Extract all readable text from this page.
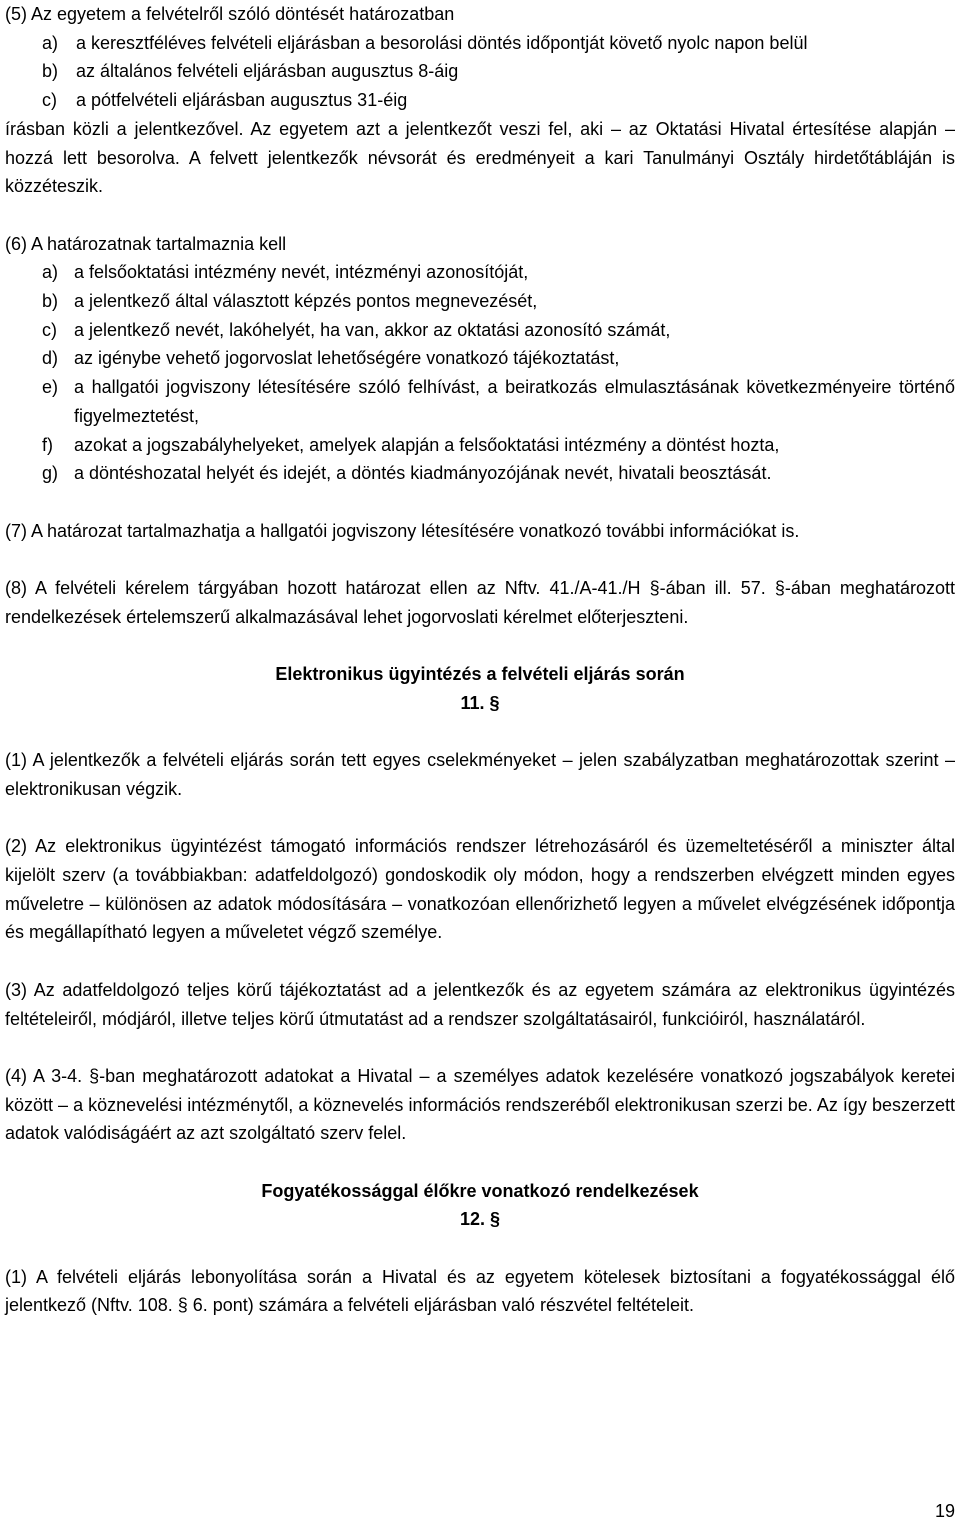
(5) Az egyetem a felvételről szóló döntését határozatban

a) a keresztféléves felvételi eljárásban a besorolási döntés időpontját követő nyolc napon belül
b) az általános felvételi eljárásban augusztus 8-áig
c)	a pótfelvételi eljárásban augusztus 31-éig

írásban közli a jelentkezővel. Az egyetem azt a jelentkezőt veszi fel, aki – az Oktatási Hivatal értesítése alapján – hozzá lett besorolva. A felvett jelentkezők névsorát és eredményeit a kari Tanulmányi Osztály hirdetőtábláján is közzéteszik.

(6) A határozatnak tartalmaznia kell

a) a felsőoktatási intézmény nevét, intézményi azonosítóját,
b) a jelentkező által választott képzés pontos megnevezését,
c) a jelentkező nevét, lakóhelyét, ha van, akkor az oktatási azonosító számát,
d) az igénybe vehető jogorvoslat lehetőségére vonatkozó tájékoztatást,
e) a hallgatói jogviszony létesítésére szóló felhívást, a beiratkozás elmulasztásának következményeire történő figyelmeztetést,
f)	azokat a jogszabályhelyeket, amelyek alapján a felsőoktatási intézmény a döntést hozta,
g) a döntéshozatal helyét és idejét, a döntés kiadmányozójának nevét, hivatali beosztását.

(7) A határozat tartalmazhatja a hallgatói jogviszony létesítésére vonatkozó további információkat is.

(8) A felvételi kérelem tárgyában hozott határozat ellen az Nftv. 41./A-41./H §-ában ill. 57. §-ában meghatározott rendelkezések értelemszerű alkalmazásával lehet jogorvoslati kérelmet előterjeszteni.

Elektronikus ügyintézés a felvételi eljárás során

11. §

(1) A jelentkezők a felvételi eljárás során tett egyes cselekményeket – jelen szabályzatban meghatározottak szerint – elektronikusan végzik.

(2) Az elektronikus ügyintézést támogató információs rendszer létrehozásáról és üzemeltetéséről a miniszter által kijelölt szerv (a továbbiakban: adatfeldolgozó) gondoskodik oly módon, hogy a rendszerben elvégzett minden egyes műveletre – különösen az adatok módosítására – vonatkozóan ellenőrizhető legyen a művelet elvégzésének időpontja és megállapítható legyen a műveletet végző személye.

(3) Az adatfeldolgozó teljes körű tájékoztatást ad a jelentkezők és az egyetem számára az elektronikus ügyintézés feltételeiről, módjáról, illetve teljes körű útmutatást ad a rendszer szolgáltatásairól, funkcióiról, használatáról.

(4) A 3-4. §-ban meghatározott adatokat a Hivatal – a személyes adatok kezelésére vonatkozó jogszabályok keretei között – a köznevelési intézménytől, a köznevelés információs rendszeréből elektronikusan szerzi be. Az így beszerzett adatok valódiságáért az azt szolgáltató szerv felel.

Fogyatékossággal élőkre vonatkozó rendelkezések

12. §

(1) A felvételi eljárás lebonyolítása során a Hivatal és az egyetem kötelesek biztosítani a fogyatékossággal élő jelentkező (Nftv. 108. § 6. pont) számára a felvételi eljárásban való részvétel feltételeit.

19
